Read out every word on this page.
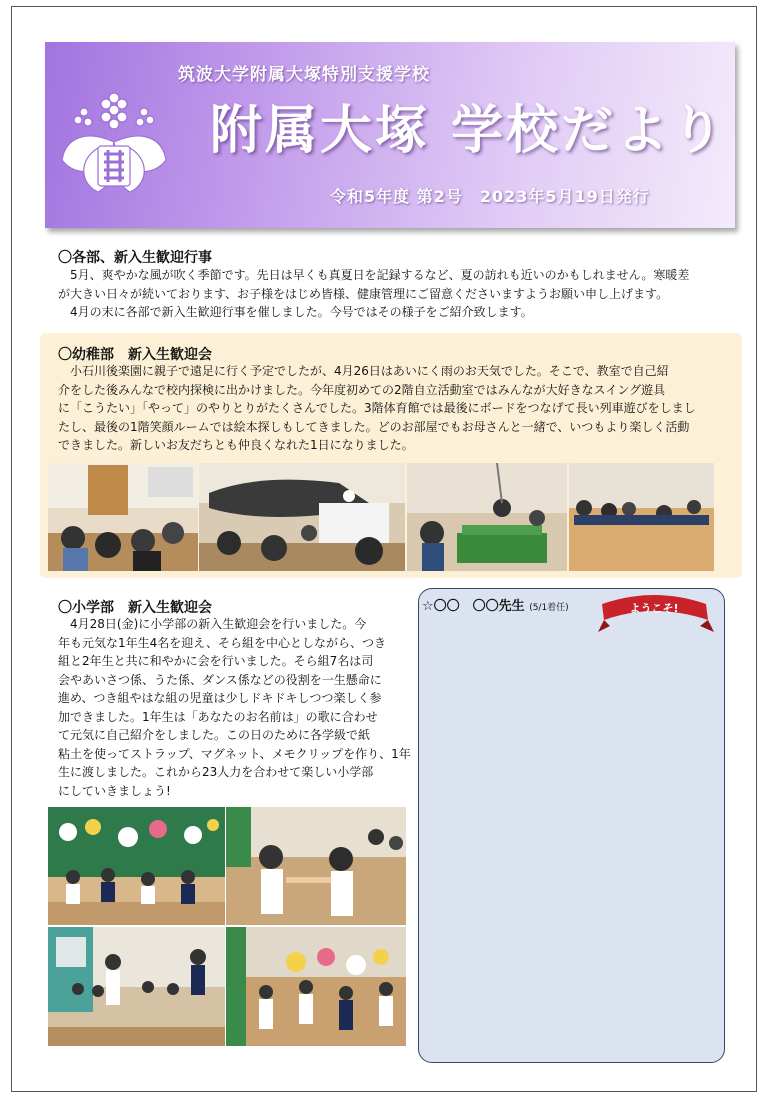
筑波大学附属大塚特別支援学校
附属大塚 学校だより
令和5年度 第2号　2023年5月19日発行
〇各部、新入生歓迎行事
　5月、爽やかな風が吹く季節です。先日は早くも真夏日を記録するなど、夏の訪れも近いのかもしれません。寒暖差
が大きい日々が続いております、お子様をはじめ皆様、健康管理にご留意くださいますようお願い申し上げます。
　4月の末に各部で新入生歓迎行事を催しました。今号ではその様子をご紹介致します。
〇幼稚部　新入生歓迎会
　小石川後楽園に親子で遠足に行く予定でしたが、4月26日はあいにく雨のお天気でした。そこで、教室で自己紹
介をした後みんなで校内探検に出かけました。今年度初めての2階自立活動室ではみんなが大好きなスイング遊具
に「こうたい」「やって」のやりとりがたくさんでした。3階体育館では最後にボードをつなげて長い列車遊びをしまし
たし、最後の1階笑顔ルームでは絵本探しもしてきました。どのお部屋でもお母さんと一緒で、いつもより楽しく活動
できました。新しいお友だちとも仲良くなれた1日になりました。
〇小学部　新入生歓迎会
　4月28日(金)に小学部の新入生歓迎会を行いました。今
年も元気な1年生4名を迎え、そら組を中心としながら、つき
組と2年生と共に和やかに会を行いました。そら組7名は司
会やあいさつ係、うた係、ダンス係などの役割を一生懸命に
進め、つき組やはな組の児童は少しドキドキしつつ楽しく参
加できました。1年生は「あなたのお名前は」の歌に合わせ
て元気に自己紹介をしました。この日のために各学級で紙
粘土を使ってストラップ、マグネット、メモクリップを作り、1年
生に渡しました。これから23人力を合わせて楽しい小学部
にしていきましょう!
☆〇〇　〇〇先生 (5/1着任)	ようこそ!
